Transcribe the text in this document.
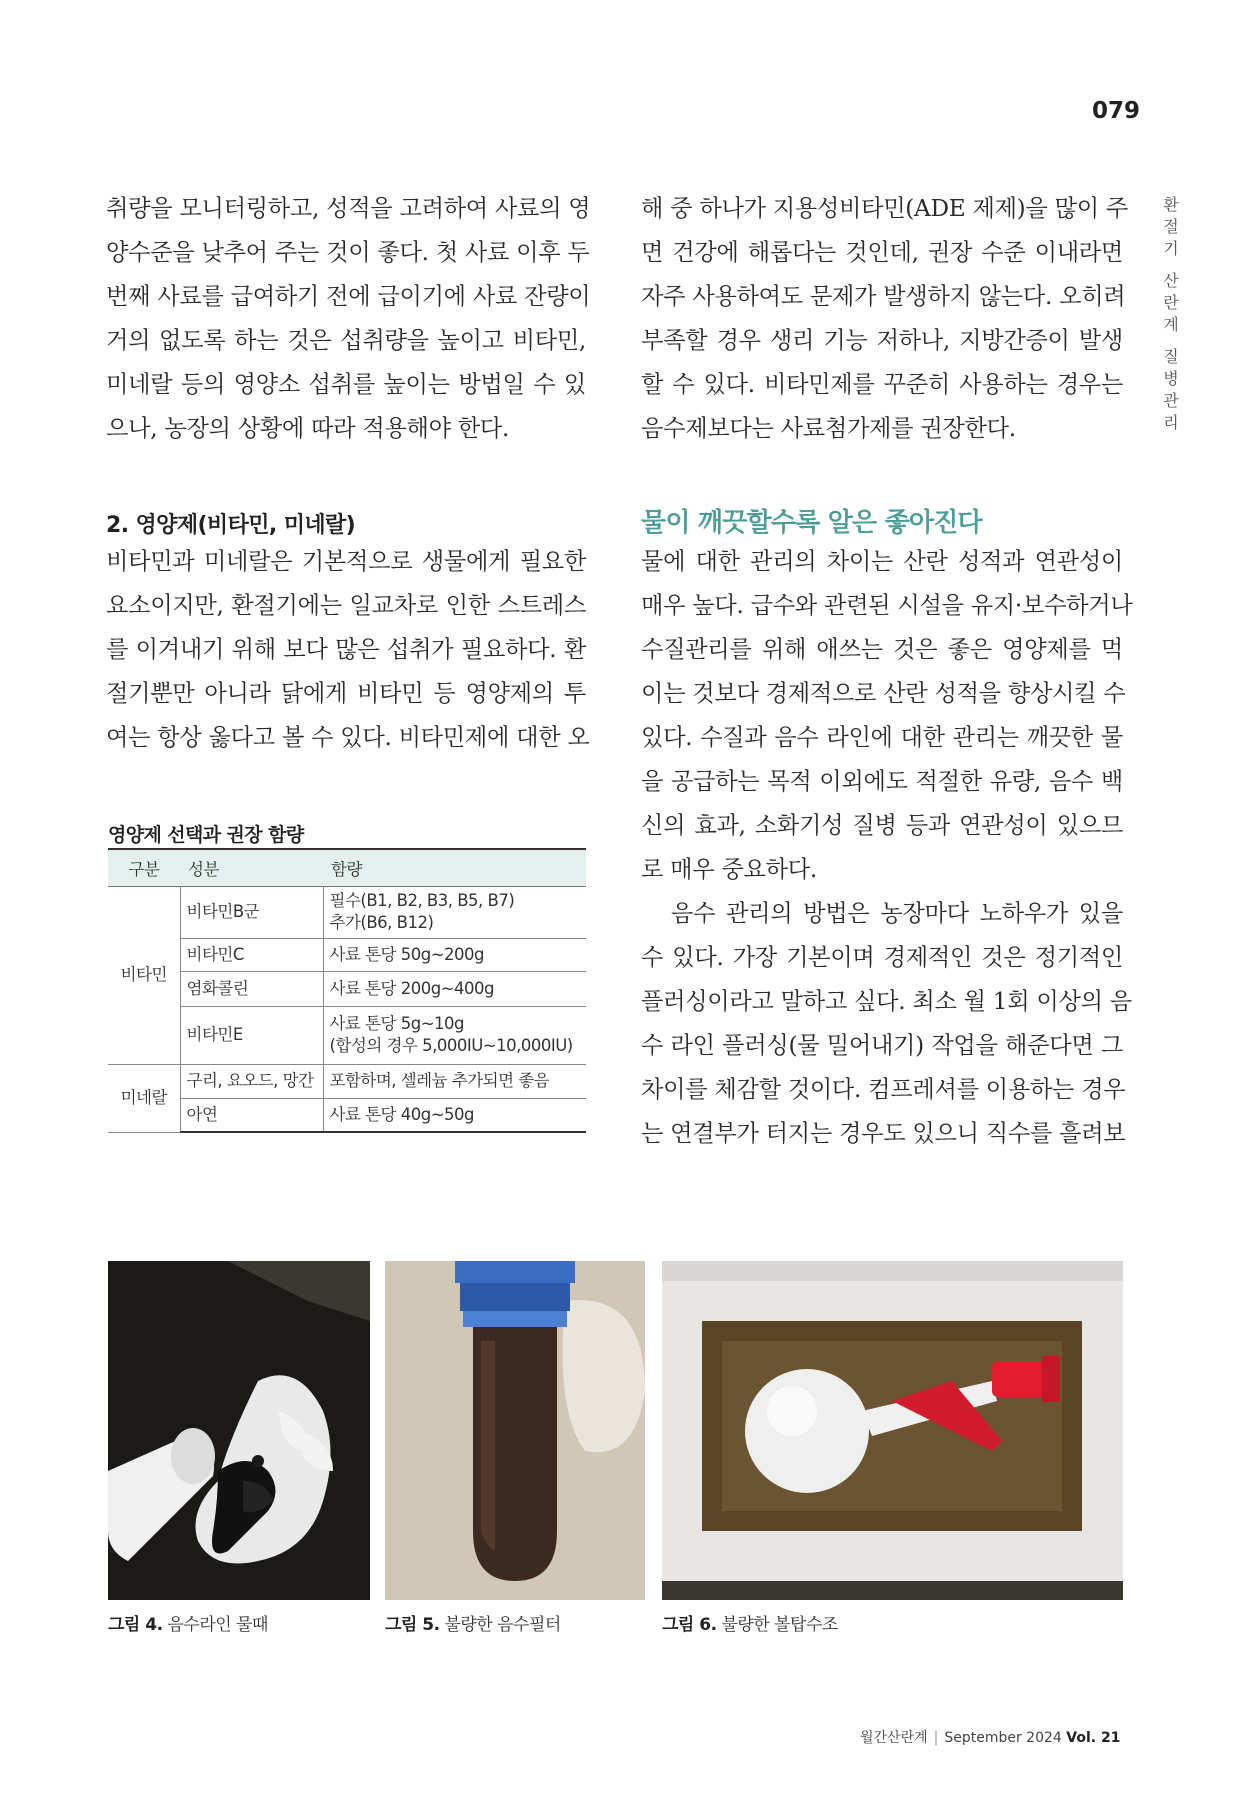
079
환
절
기
산
란
계
질
병
관
리
취량을 모니터링하고, 성적을 고려하여 사료의 영
양수준을 낮추어 주는 것이 좋다. 첫 사료 이후 두
번째 사료를 급여하기 전에 급이기에 사료 잔량이
거의 없도록 하는 것은 섭취량을 높이고 비타민,
미네랄 등의 영양소 섭취를 높이는 방법일 수 있
으나, 농장의 상황에 따라 적용해야 한다.
2. 영양제(비타민, 미네랄)
비타민과 미네랄은 기본적으로 생물에게 필요한
요소이지만, 환절기에는 일교차로 인한 스트레스
를 이겨내기 위해 보다 많은 섭취가 필요하다. 환
절기뿐만 아니라 닭에게 비타민 등 영양제의 투
여는 항상 옳다고 볼 수 있다. 비타민제에 대한 오
영양제 선택과 권장 함량
구분	성분	함량
비타민	비타민B군	필수(B1, B2, B3, B5, B7)
추가(B6, B12)

	비타민C	사료 톤당 50g~200g
	염화콜린	사료 톤당 200g~400g
	비타민E	사료 톤당 5g~10g
(합성의 경우 5,000IU~10,000IU)

미네랄	구리, 요오드, 망간	포함하며, 셀레늄 추가되면 좋음
	아연	사료 톤당 40g~50g
해 중 하나가 지용성비타민(ADE 제제)을 많이 주
면 건강에 해롭다는 것인데, 권장 수준 이내라면
자주 사용하여도 문제가 발생하지 않는다. 오히려
부족할 경우 생리 기능 저하나, 지방간증이 발생
할 수 있다. 비타민제를 꾸준히 사용하는 경우는
음수제보다는 사료첨가제를 권장한다.
물이 깨끗할수록 알은 좋아진다
물에 대한 관리의 차이는 산란 성적과 연관성이
매우 높다. 급수와 관련된 시설을 유지·보수하거나
수질관리를 위해 애쓰는 것은 좋은 영양제를 먹
이는 것보다 경제적으로 산란 성적을 향상시킬 수
있다. 수질과 음수 라인에 대한 관리는 깨끗한 물
을 공급하는 목적 이외에도 적절한 유량, 음수 백
신의 효과, 소화기성 질병 등과 연관성이 있으므
로 매우 중요하다.
음수 관리의 방법은 농장마다 노하우가 있을
수 있다. 가장 기본이며 경제적인 것은 정기적인
플러싱이라고 말하고 싶다. 최소 월 1회 이상의 음
수 라인 플러싱(물 밀어내기) 작업을 해준다면 그
차이를 체감할 것이다. 컴프레셔를 이용하는 경우
는 연결부가 터지는 경우도 있으니 직수를 흘려보
그림 4. 음수라인 물때	그림 5. 불량한 음수필터	그림 6. 불량한 볼탑수조
월간산란계 | September 2024 Vol. 21
